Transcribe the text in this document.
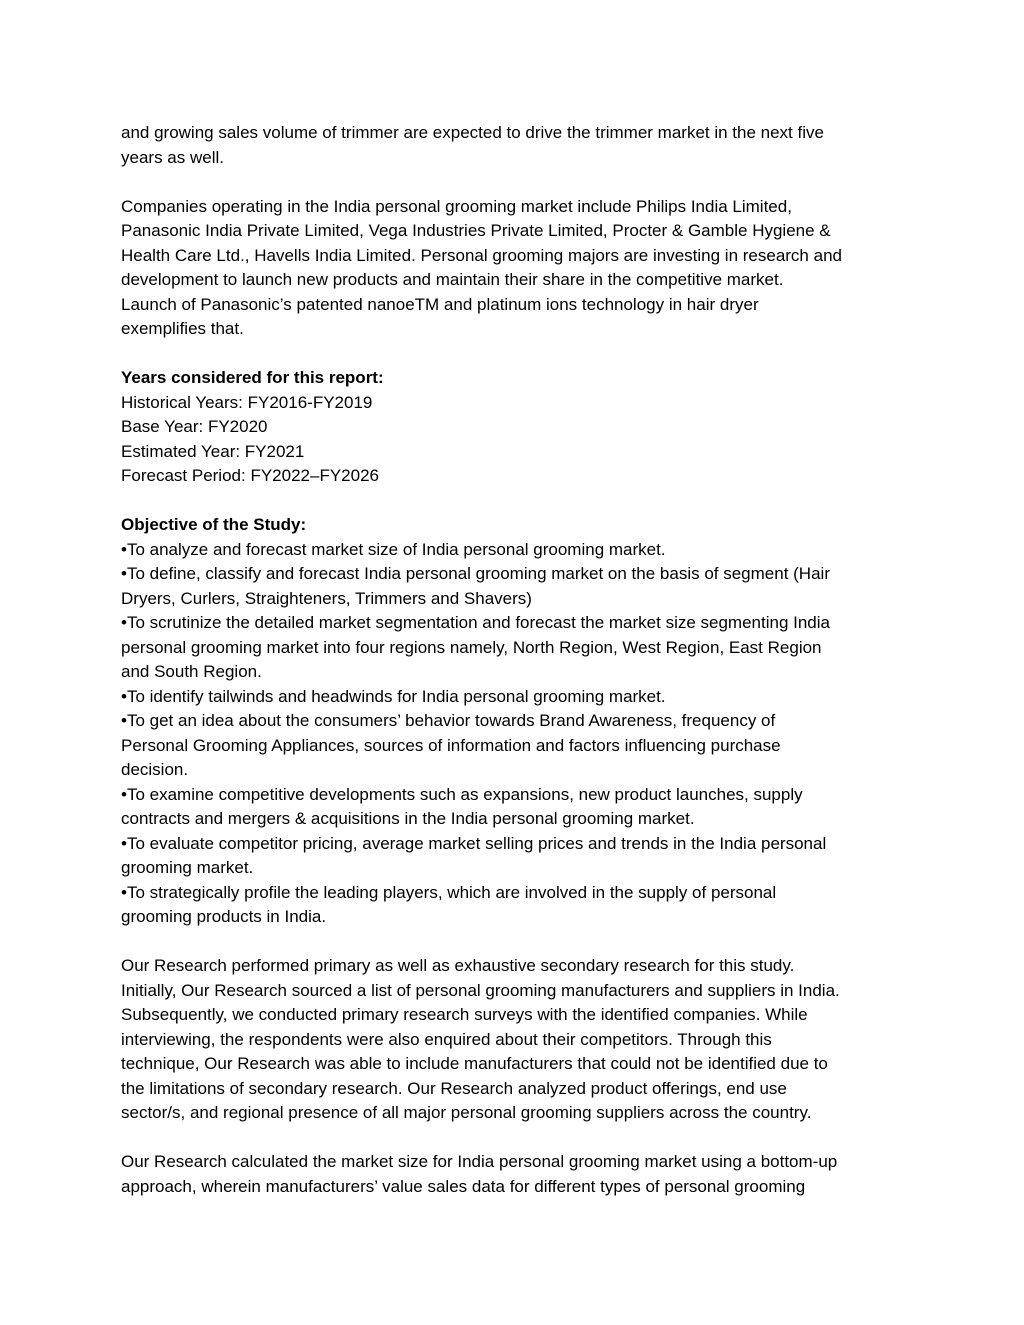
and growing sales volume of trimmer are expected to drive the trimmer market in the next five
years as well.

Companies operating in the India personal grooming market include Philips India Limited,
Panasonic India Private Limited, Vega Industries Private Limited, Procter & Gamble Hygiene &
Health Care Ltd., Havells India Limited. Personal grooming majors are investing in research and
development to launch new products and maintain their share in the competitive market.
Launch of Panasonic’s patented nanoeTM and platinum ions technology in hair dryer
exemplifies that.

Years considered for this report:
Historical Years: FY2016-FY2019
Base Year: FY2020
Estimated Year: FY2021
Forecast Period: FY2022–FY2026

Objective of the Study:
• To analyze and forecast market size of India personal grooming market.
• To define, classify and forecast India personal grooming market on the basis of segment (Hair
Dryers, Curlers, Straighteners, Trimmers and Shavers)
• To scrutinize the detailed market segmentation and forecast the market size segmenting India
personal grooming market into four regions namely, North Region, West Region, East Region
and South Region.
• To identify tailwinds and headwinds for India personal grooming market.
• To get an idea about the consumers’ behavior towards Brand Awareness, frequency of
Personal Grooming Appliances, sources of information and factors influencing purchase
decision.
• To examine competitive developments such as expansions, new product launches, supply
contracts and mergers & acquisitions in the India personal grooming market.
• To evaluate competitor pricing, average market selling prices and trends in the India personal
grooming market.
• To strategically profile the leading players, which are involved in the supply of personal
grooming products in India.

Our Research performed primary as well as exhaustive secondary research for this study.
Initially, Our Research sourced a list of personal grooming manufacturers and suppliers in India.
Subsequently, we conducted primary research surveys with the identified companies. While
interviewing, the respondents were also enquired about their competitors. Through this
technique, Our Research was able to include manufacturers that could not be identified due to
the limitations of secondary research. Our Research analyzed product offerings, end use
sector/s, and regional presence of all major personal grooming suppliers across the country.

Our Research calculated the market size for India personal grooming market using a bottom-up
approach, wherein manufacturers’ value sales data for different types of personal grooming
